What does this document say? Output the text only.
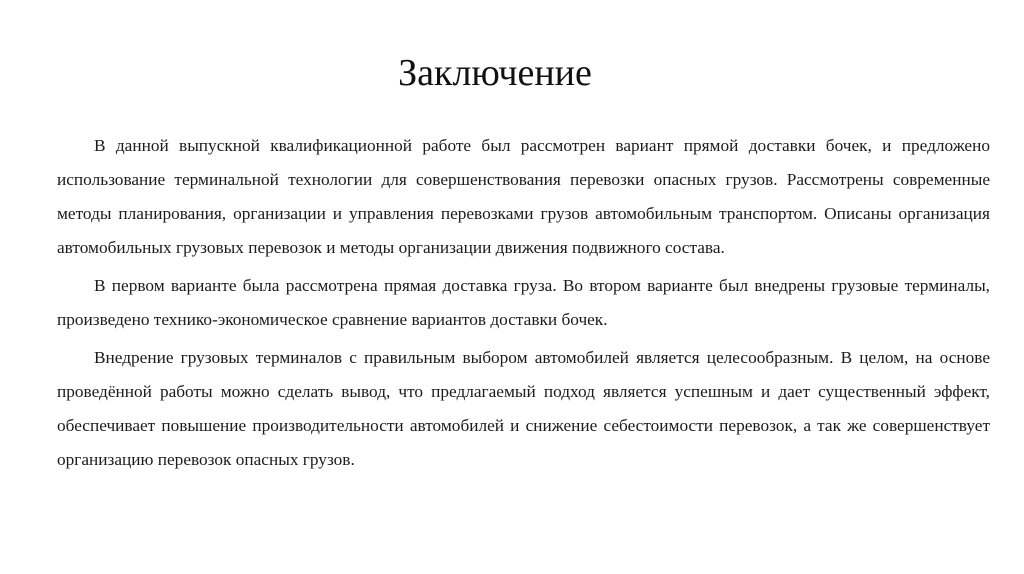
Заключение

В данной выпускной квалификационной работе был рассмотрен вариант прямой доставки бочек, и предложено использование терминальной технологии для совершенствования перевозки опасных грузов. Рассмотрены современные методы планирования, организации и управления перевозками грузов автомобильным транспортом. Описаны организация автомобильных грузовых перевозок и методы организации движения подвижного состава.

В первом варианте была рассмотрена прямая доставка груза. Во втором варианте был внедрены грузовые терминалы, произведено технико-экономическое сравнение вариантов доставки бочек.

Внедрение грузовых терминалов с правильным выбором автомобилей является целесообразным. В целом, на основе проведённой работы можно сделать вывод, что предлагаемый подход является успешным и дает существенный эффект, обеспечивает повышение производительности автомобилей и снижение себестоимости перевозок, а так же совершенствует организацию перевозок опасных грузов.
